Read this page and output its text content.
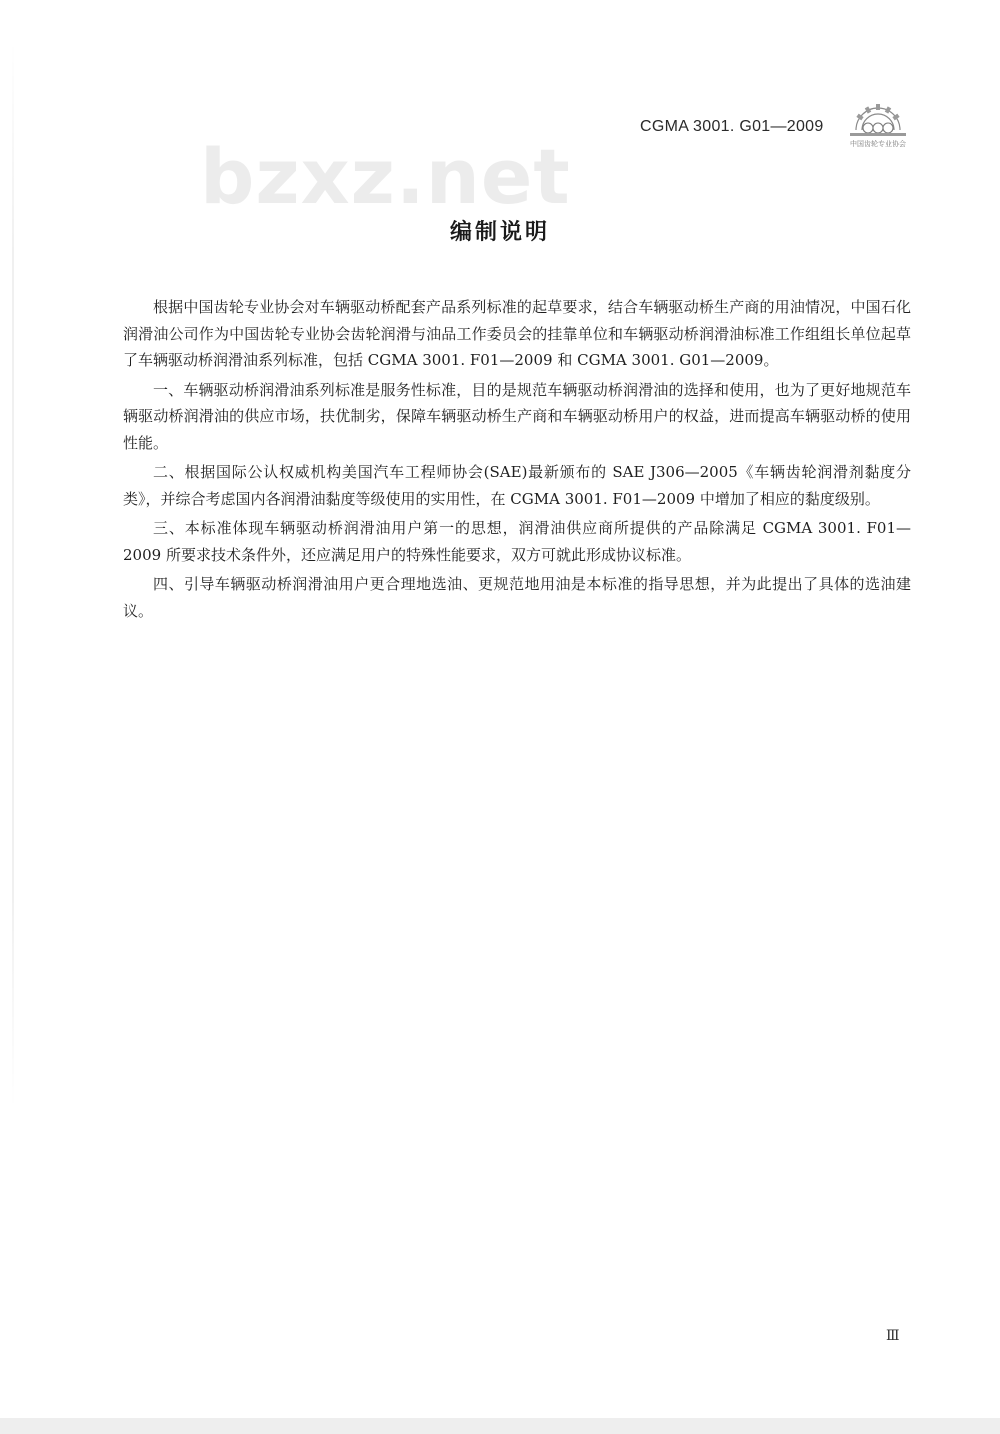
CGMA 3001. G01—2009
中国齿轮专业协会
bzxz.net
编制说明

根据中国齿轮专业协会对车辆驱动桥配套产品系列标准的起草要求，结合车辆驱动桥生产商的用油情况，中国石化润滑油公司作为中国齿轮专业协会齿轮润滑与油品工作委员会的挂靠单位和车辆驱动桥润滑油标准工作组组长单位起草了车辆驱动桥润滑油系列标准，包括 CGMA 3001. F01—2009 和 CGMA 3001. G01—2009。

一、车辆驱动桥润滑油系列标准是服务性标准，目的是规范车辆驱动桥润滑油的选择和使用，也为了更好地规范车辆驱动桥润滑油的供应市场，扶优制劣，保障车辆驱动桥生产商和车辆驱动桥用户的权益，进而提高车辆驱动桥的使用性能。

二、根据国际公认权威机构美国汽车工程师协会(SAE)最新颁布的 SAE J306—2005《车辆齿轮润滑剂黏度分类》，并综合考虑国内各润滑油黏度等级使用的实用性，在 CGMA 3001. F01—2009 中增加了相应的黏度级别。

三、本标准体现车辆驱动桥润滑油用户第一的思想，润滑油供应商所提供的产品除满足 CGMA 3001. F01—2009 所要求技术条件外，还应满足用户的特殊性能要求，双方可就此形成协议标准。

四、引导车辆驱动桥润滑油用户更合理地选油、更规范地用油是本标准的指导思想，并为此提出了具体的选油建议。

Ⅲ
